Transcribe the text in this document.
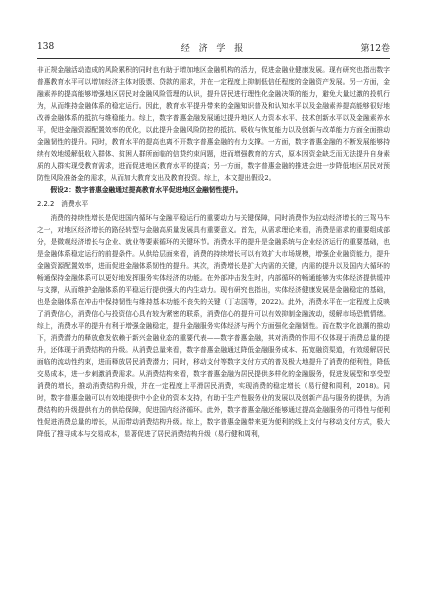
138	经 济 学 报	第12卷

非正规金融活动造成的风险累积的同时也有助于增加地区金融机构的活力，促进金融业健康发展。现有研究也指出数字普惠教育水平可以增加经济主体对股票、贷款的需求，并在一定程度上抑制低信任程度的金融资产发展。另一方面，金融素养的提高能够增强地区居民对金融风险管理的认识，提升居民进行理性化金融决策的能力，避免大量过激的投机行为，从而维持金融体系的稳定运行。因此，教育水平提升带来的金融知识普及和认知水平以及金融素养提高能够很好地改善金融体系的抵抗与维稳能力。综上，数字普惠金融发展通过提升地区人力资本水平、技术创新水平以及金融素养水平，促进金融资源配置效率的优化，以此提升金融风险防控的抵抗、吸收与恢复能力以及创新与改革能力方面全面推动金融韧性的提升。同时，教育水平的提高也离不开数字普惠金融的有力支撑。一方面，数字普惠金融的不断发展能够持续有效地缓解低收入群体、贫困人群所面临的信贷约束问题，进而增强教育的方式，原本因资金缺乏而无法提升自身素质的人群实现受教育需求，进而促进地区教育水平的提高；另一方面，数字普惠金融的推进会进一步降低地区居民对预防性风险准备金的需求，从而加大教育支出及教育投资。综上，本文提出假设2。

假设2：数字普惠金融通过提高教育水平促进地区金融韧性提升。

2.2.2　消费水平

消费的持续性增长是促进国内循环与金融平稳运行的重要动力与关键保障，同时消费作为拉动经济增长的三驾马车之一，对地区经济增长的路径转型与金融高质量发展具有重要意义。首先，从需求理论来看，消费是需求的重要组成部分，是微观经济增长与企业、就业等要素循环的关键环节。消费水平的提升是金融系统与企业经济运行的重要基础，也是金融体系稳定运行的前提条件。从供给层面来看，消费的持续增长可以有效扩大市场规模，增强企业融资能力，提升金融资源配置效率，进而促进金融体系韧性的提升。其次，消费增长是扩大内需的关键，内需的提升以及国内大循环的畅通保持金融体系可以更好地发挥服务实体经济的功能。在外部冲击发生时，内部循环的畅通能够为实体经济提供缓冲与支撑，从而维护金融体系的平稳运行提供强大的内生动力。现有研究也指出，实体经济健康发展是金融稳定的基础，也是金融体系在冲击中保持韧性与维持基本功能不丧失的关键（丁志国等，2022)。此外，消费水平在一定程度上反映了消费信心，消费信心与投资信心具有较为紧密的联系，消费信心的提升可以有效抑制金融波动，缓解市场恐慌情绪。综上，消费水平的提升有利于增强金融稳定，提升金融服务实体经济与两个方面强化金融韧性。而在数字化浪潮的推动下，消费潜力的释放愈发依赖于新兴金融业态的重要代表——数字普惠金融，其对消费的作用不仅体现于消费总量的提升，还体现于消费结构的升级。从消费总量来看，数字普惠金融通过降低金融服务成本、拓宽融资渠道，有效缓解居民面临的流动性约束，进而释放居民消费潜力；同时，移动支付等数字支付方式的普及极大地提升了消费的便利性，降低交易成本，进一步刺激消费需求。从消费结构来看，数字普惠金融为居民提供多样化的金融服务，促进发展型和享受型消费的增长，推动消费结构升级，并在一定程度上平滑居民消费，实现消费的稳定增长（易行健和周利，2018)。同时，数字普惠金融可以有效地提供中小企业的资本支持，有助于生产性服务业的发展以及创新产品与服务的提供，为消费结构的升级提供有力的供给保障，促进国内经济循环。此外，数字普惠金融还能够通过提高金融服务的可得性与便利性促进消费总量的增长，从而带动消费结构升级。综上，数字普惠金融带来更为便利的线上支付与移动支付方式，极大降低了搜寻成本与交易成本，显著促进了居民消费结构升级（易行健和周利，
